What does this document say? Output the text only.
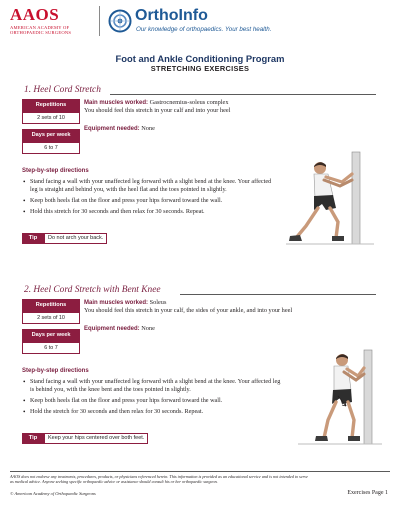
AAOS
AMERICAN ACADEMY OF ORTHOPAEDIC SURGEONS
OrthoInfo
Our knowledge of orthopaedics. Your best health.
Foot and Ankle Conditioning Program
STRETCHING EXERCISES
1. Heel Cord Stretch
Repetitions
2 sets of 10
Days per week
6 to 7
Main muscles worked: Gastrocnemius-soleus complex
You should feel this stretch in your calf and into your heel
Equipment needed: None
Step-by-step directions
• Stand facing a wall with your unaffected leg forward with a slight bend at the knee. Your affected leg is straight and behind you, with the heel flat and the toes pointed in slightly.
• Keep both heels flat on the floor and press your hips forward toward the wall.
• Hold this stretch for 30 seconds and then relax for 30 seconds. Repeat.
Tip	Do not arch your back.
2. Heel Cord Stretch with Bent Knee
Repetitions
2 sets of 10
Days per week
6 to 7
Main muscles worked: Soleus
You should feel this stretch in your calf, the sides of your ankle, and into your heel
Equipment needed: None
Step-by-step directions
• Stand facing a wall with your unaffected leg forward with a slight bend at the knee. Your affected leg is behind you, with the knee bent and the toes pointed in slightly.
• Keep both heels flat on the floor and press your hips forward toward the wall.
• Hold the stretch for 30 seconds and then relax for 30 seconds. Repeat.
Tip	Keep your hips centered over both feet.
AAOS does not endorse any treatments, procedures, products, or physicians referenced herein. This information is provided as an educational service and is not intended to serve as medical advice. Anyone seeking specific orthopaedic advice or assistance should consult his or her orthopaedic surgeon.
© American Academy of Orthopaedic Surgeons	Exercises Page 1
